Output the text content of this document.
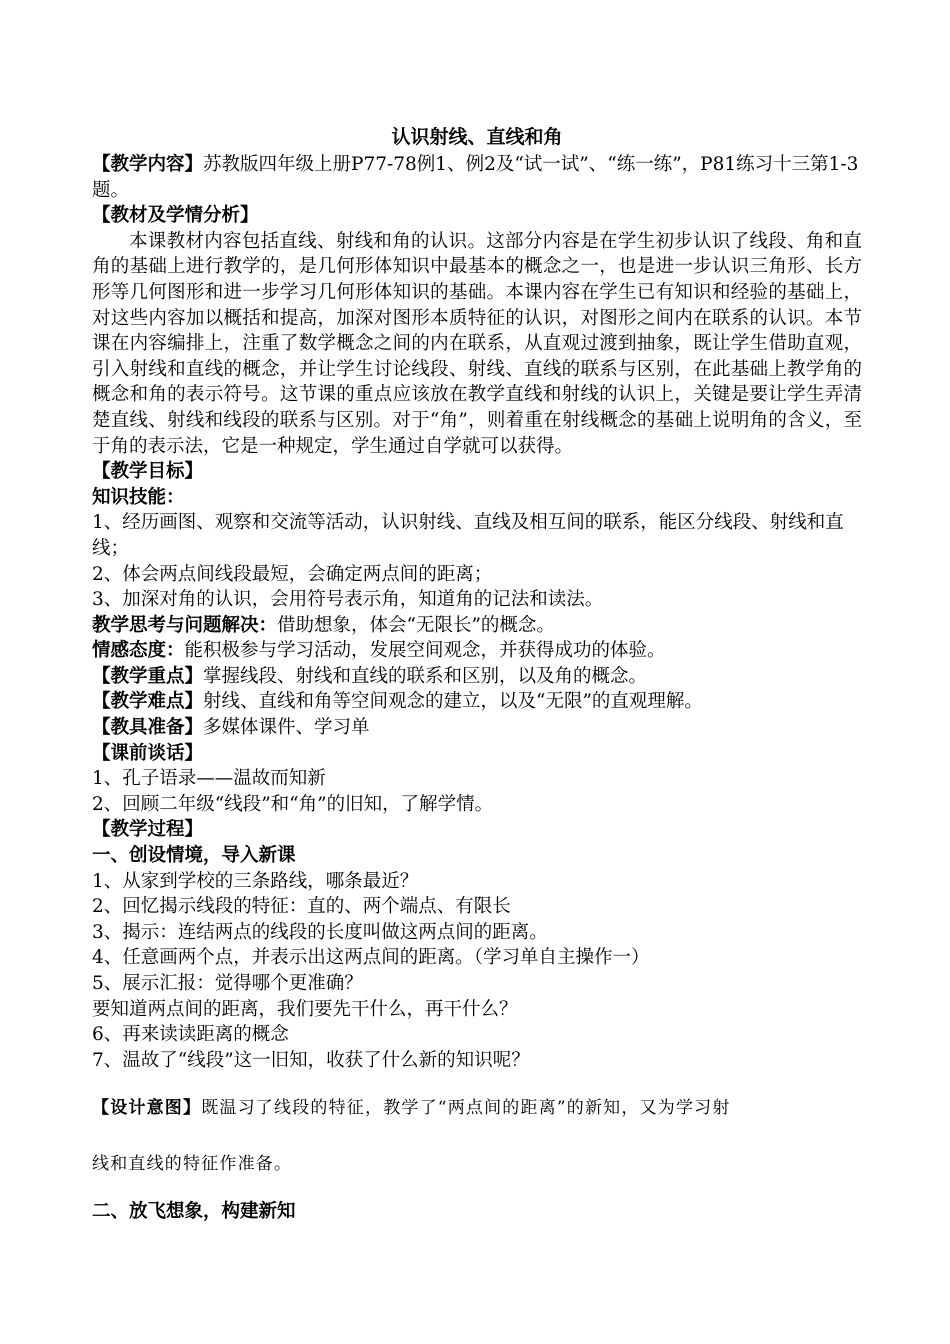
认识射线、直线和角

【教学内容】苏教版四年级上册P77-78例1、例2及“试一试”、“练一练”，P81练习十三第1-3题。

【教材及学情分析】

本课教材内容包括直线、射线和角的认识。这部分内容是在学生初步认识了线段、角和直角的基础上进行教学的，是几何形体知识中最基本的概念之一，也是进一步认识三角形、长方形等几何图形和进一步学习几何形体知识的基础。本课内容在学生已有知识和经验的基础上，对这些内容加以概括和提高，加深对图形本质特征的认识，对图形之间内在联系的认识。本节课在内容编排上，注重了数学概念之间的内在联系，从直观过渡到抽象，既让学生借助直观，引入射线和直线的概念，并让学生讨论线段、射线、直线的联系与区别，在此基础上教学角的概念和角的表示符号。这节课的重点应该放在教学直线和射线的认识上，关键是要让学生弄清楚直线、射线和线段的联系与区别。对于“角”，则着重在射线概念的基础上说明角的含义，至于角的表示法，它是一种规定，学生通过自学就可以获得。

【教学目标】

知识技能：

1、经历画图、观察和交流等活动，认识射线、直线及相互间的联系，能区分线段、射线和直线；

2、体会两点间线段最短，会确定两点间的距离；

3、加深对角的认识，会用符号表示角，知道角的记法和读法。

教学思考与问题解决：借助想象，体会“无限长”的概念。

情感态度：能积极参与学习活动，发展空间观念，并获得成功的体验。

【教学重点】掌握线段、射线和直线的联系和区别，以及角的概念。

【教学难点】射线、直线和角等空间观念的建立，以及“无限”的直观理解。

【教具准备】多媒体课件、学习单

【课前谈话】

1、孔子语录——温故而知新

2、回顾二年级“线段”和“角”的旧知，了解学情。

【教学过程】

一、创设情境，导入新课

1、从家到学校的三条路线，哪条最近？

2、回忆揭示线段的特征：直的、两个端点、有限长

3、揭示：连结两点的线段的长度叫做这两点间的距离。

4、任意画两个点，并表示出这两点间的距离。（学习单自主操作一）

5、展示汇报：觉得哪个更准确？

要知道两点间的距离，我们要先干什么，再干什么？

6、再来读读距离的概念

7、温故了“线段”这一旧知，收获了什么新的知识呢？

【设计意图】既温习了线段的特征，教学了“两点间的距离”的新知，又为学习射

线和直线的特征作准备。

二、放飞想象，构建新知
